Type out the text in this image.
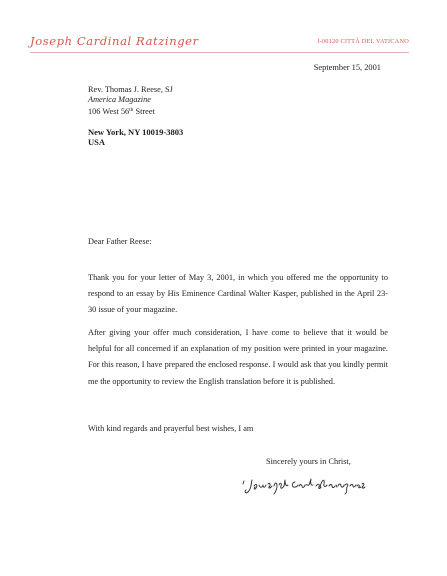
Joseph Cardinal Ratzinger	I-00120 CITTÀ DEL VATICANO
September 15, 2001
Rev. Thomas J. Reese, SJ
America Magazine
106 West 56th Street
New York, NY 10019-3803
USA
Dear Father Reese:
Thank you for your letter of May 3, 2001, in which you offered me the opportunity to respond to an essay by His Eminence Cardinal Walter Kasper, published in the April 23-30 issue of your magazine.
After giving your offer much consideration, I have come to believe that it would be helpful for all concerned if an explanation of my position were printed in your magazine. For this reason, I have prepared the enclosed response. I would ask that you kindly permit me the opportunity to review the English translation before it is published.
With kind regards and prayerful best wishes, I am
Sincerely yours in Christ,
